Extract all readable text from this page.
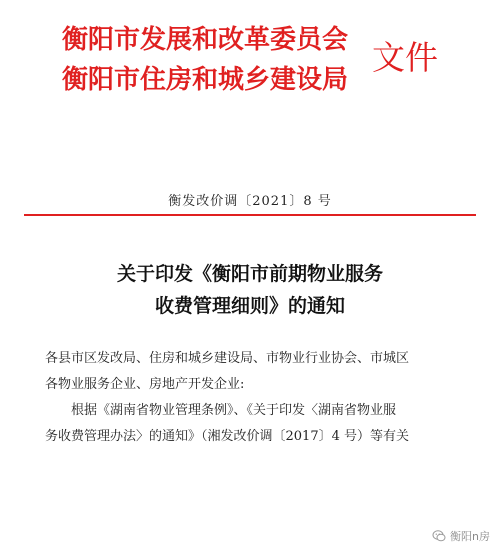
衡阳市发展和改革委员会
衡阳市住房和城乡建设局
文件
衡发改价调〔2021〕8 号
关于印发《衡阳市前期物业服务
收费管理细则》的通知

各县市区发改局、住房和城乡建设局、市物业行业协会、市城区

各物业服务企业、房地产开发企业:

根据《湖南省物业管理条例》、《关于印发〈湖南省物业服

务收费管理办法〉的通知》（湘发改价调〔2017〕4 号）等有关

衡阳n房
